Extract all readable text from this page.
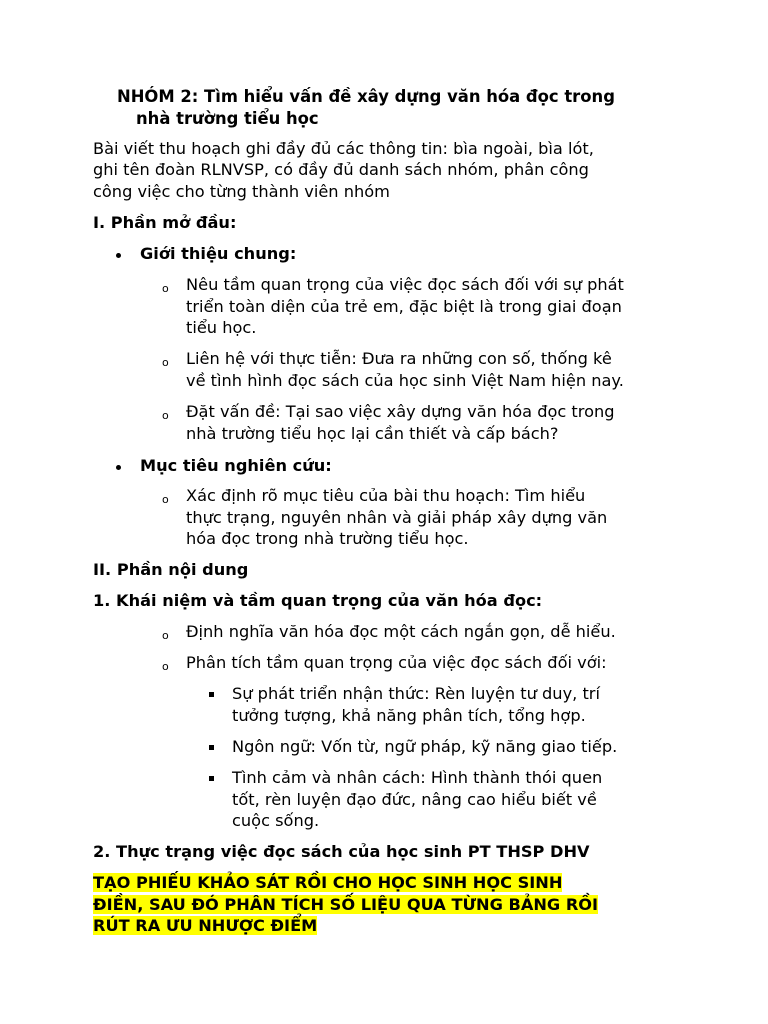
NHÓM 2: Tìm hiểu vấn đề xây dựng văn hóa đọc trong
nhà trường tiểu học
Bài viết thu hoạch ghi đầy đủ các thông tin: bìa ngoài, bìa lót,
ghi tên đoàn RLNVSP, có đầy đủ danh sách nhóm, phân công
công việc cho từng thành viên nhóm
I. Phần mở đầu:
Giới thiệu chung:
o Nêu tầm quan trọng của việc đọc sách đối với sự phát
triển toàn diện của trẻ em, đặc biệt là trong giai đoạn
tiểu học.
o Liên hệ với thực tiễn: Đưa ra những con số, thống kê
về tình hình đọc sách của học sinh Việt Nam hiện nay.
o Đặt vấn đề: Tại sao việc xây dựng văn hóa đọc trong
nhà trường tiểu học lại cần thiết và cấp bách?
Mục tiêu nghiên cứu:
o Xác định rõ mục tiêu của bài thu hoạch: Tìm hiểu
thực trạng, nguyên nhân và giải pháp xây dựng văn
hóa đọc trong nhà trường tiểu học.
II. Phần nội dung
1. Khái niệm và tầm quan trọng của văn hóa đọc:
o Định nghĩa văn hóa đọc một cách ngắn gọn, dễ hiểu.
o Phân tích tầm quan trọng của việc đọc sách đối với:
Sự phát triển nhận thức: Rèn luyện tư duy, trí
tưởng tượng, khả năng phân tích, tổng hợp.
Ngôn ngữ: Vốn từ, ngữ pháp, kỹ năng giao tiếp.
Tình cảm và nhân cách: Hình thành thói quen
tốt, rèn luyện đạo đức, nâng cao hiểu biết về
cuộc sống.
2. Thực trạng việc đọc sách của học sinh PT THSP DHV
TẠO PHIẾU KHẢO SÁT RỒI CHO HỌC SINH HỌC SINH
ĐIỀN, SAU ĐÓ PHÂN TÍCH SỐ LIỆU QUA TỪNG BẢNG RỒI
RÚT RA ƯU NHƯỢC ĐIỂM
